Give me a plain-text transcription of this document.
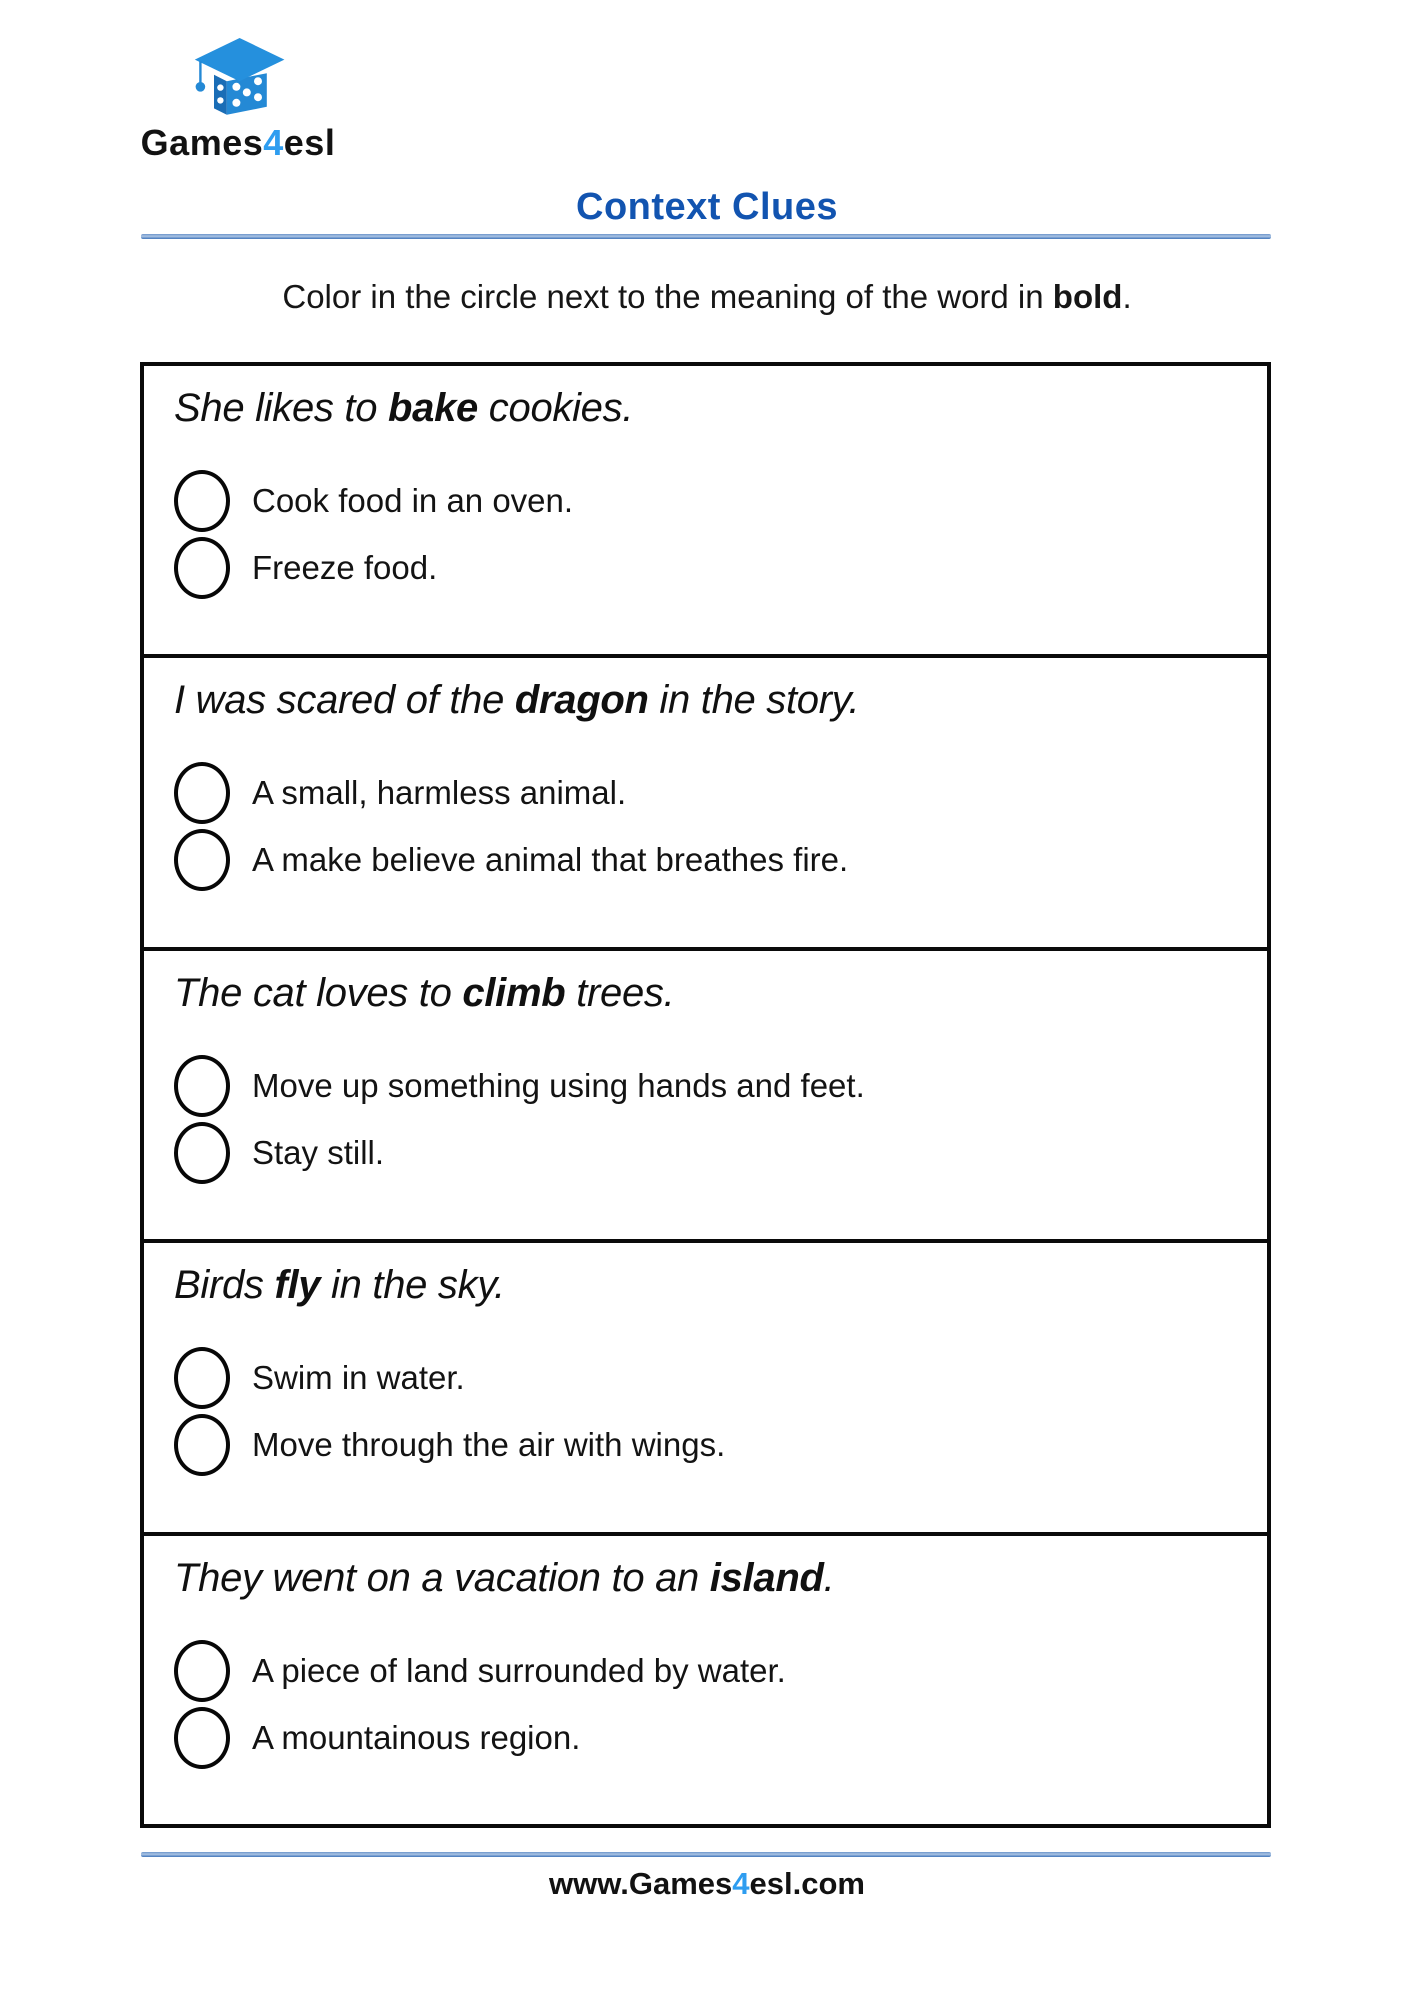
Games4esl
Context Clues
Color in the circle next to the meaning of the word in bold.
She likes to bake cookies.
Cook food in an oven.
Freeze food.
I was scared of the dragon in the story.
A small, harmless animal.
A make believe animal that breathes fire.
The cat loves to climb trees.
Move up something using hands and feet.
Stay still.
Birds fly in the sky.
Swim in water.
Move through the air with wings.
They went on a vacation to an island.
A piece of land surrounded by water.
A mountainous region.
www.Games4esl.com
